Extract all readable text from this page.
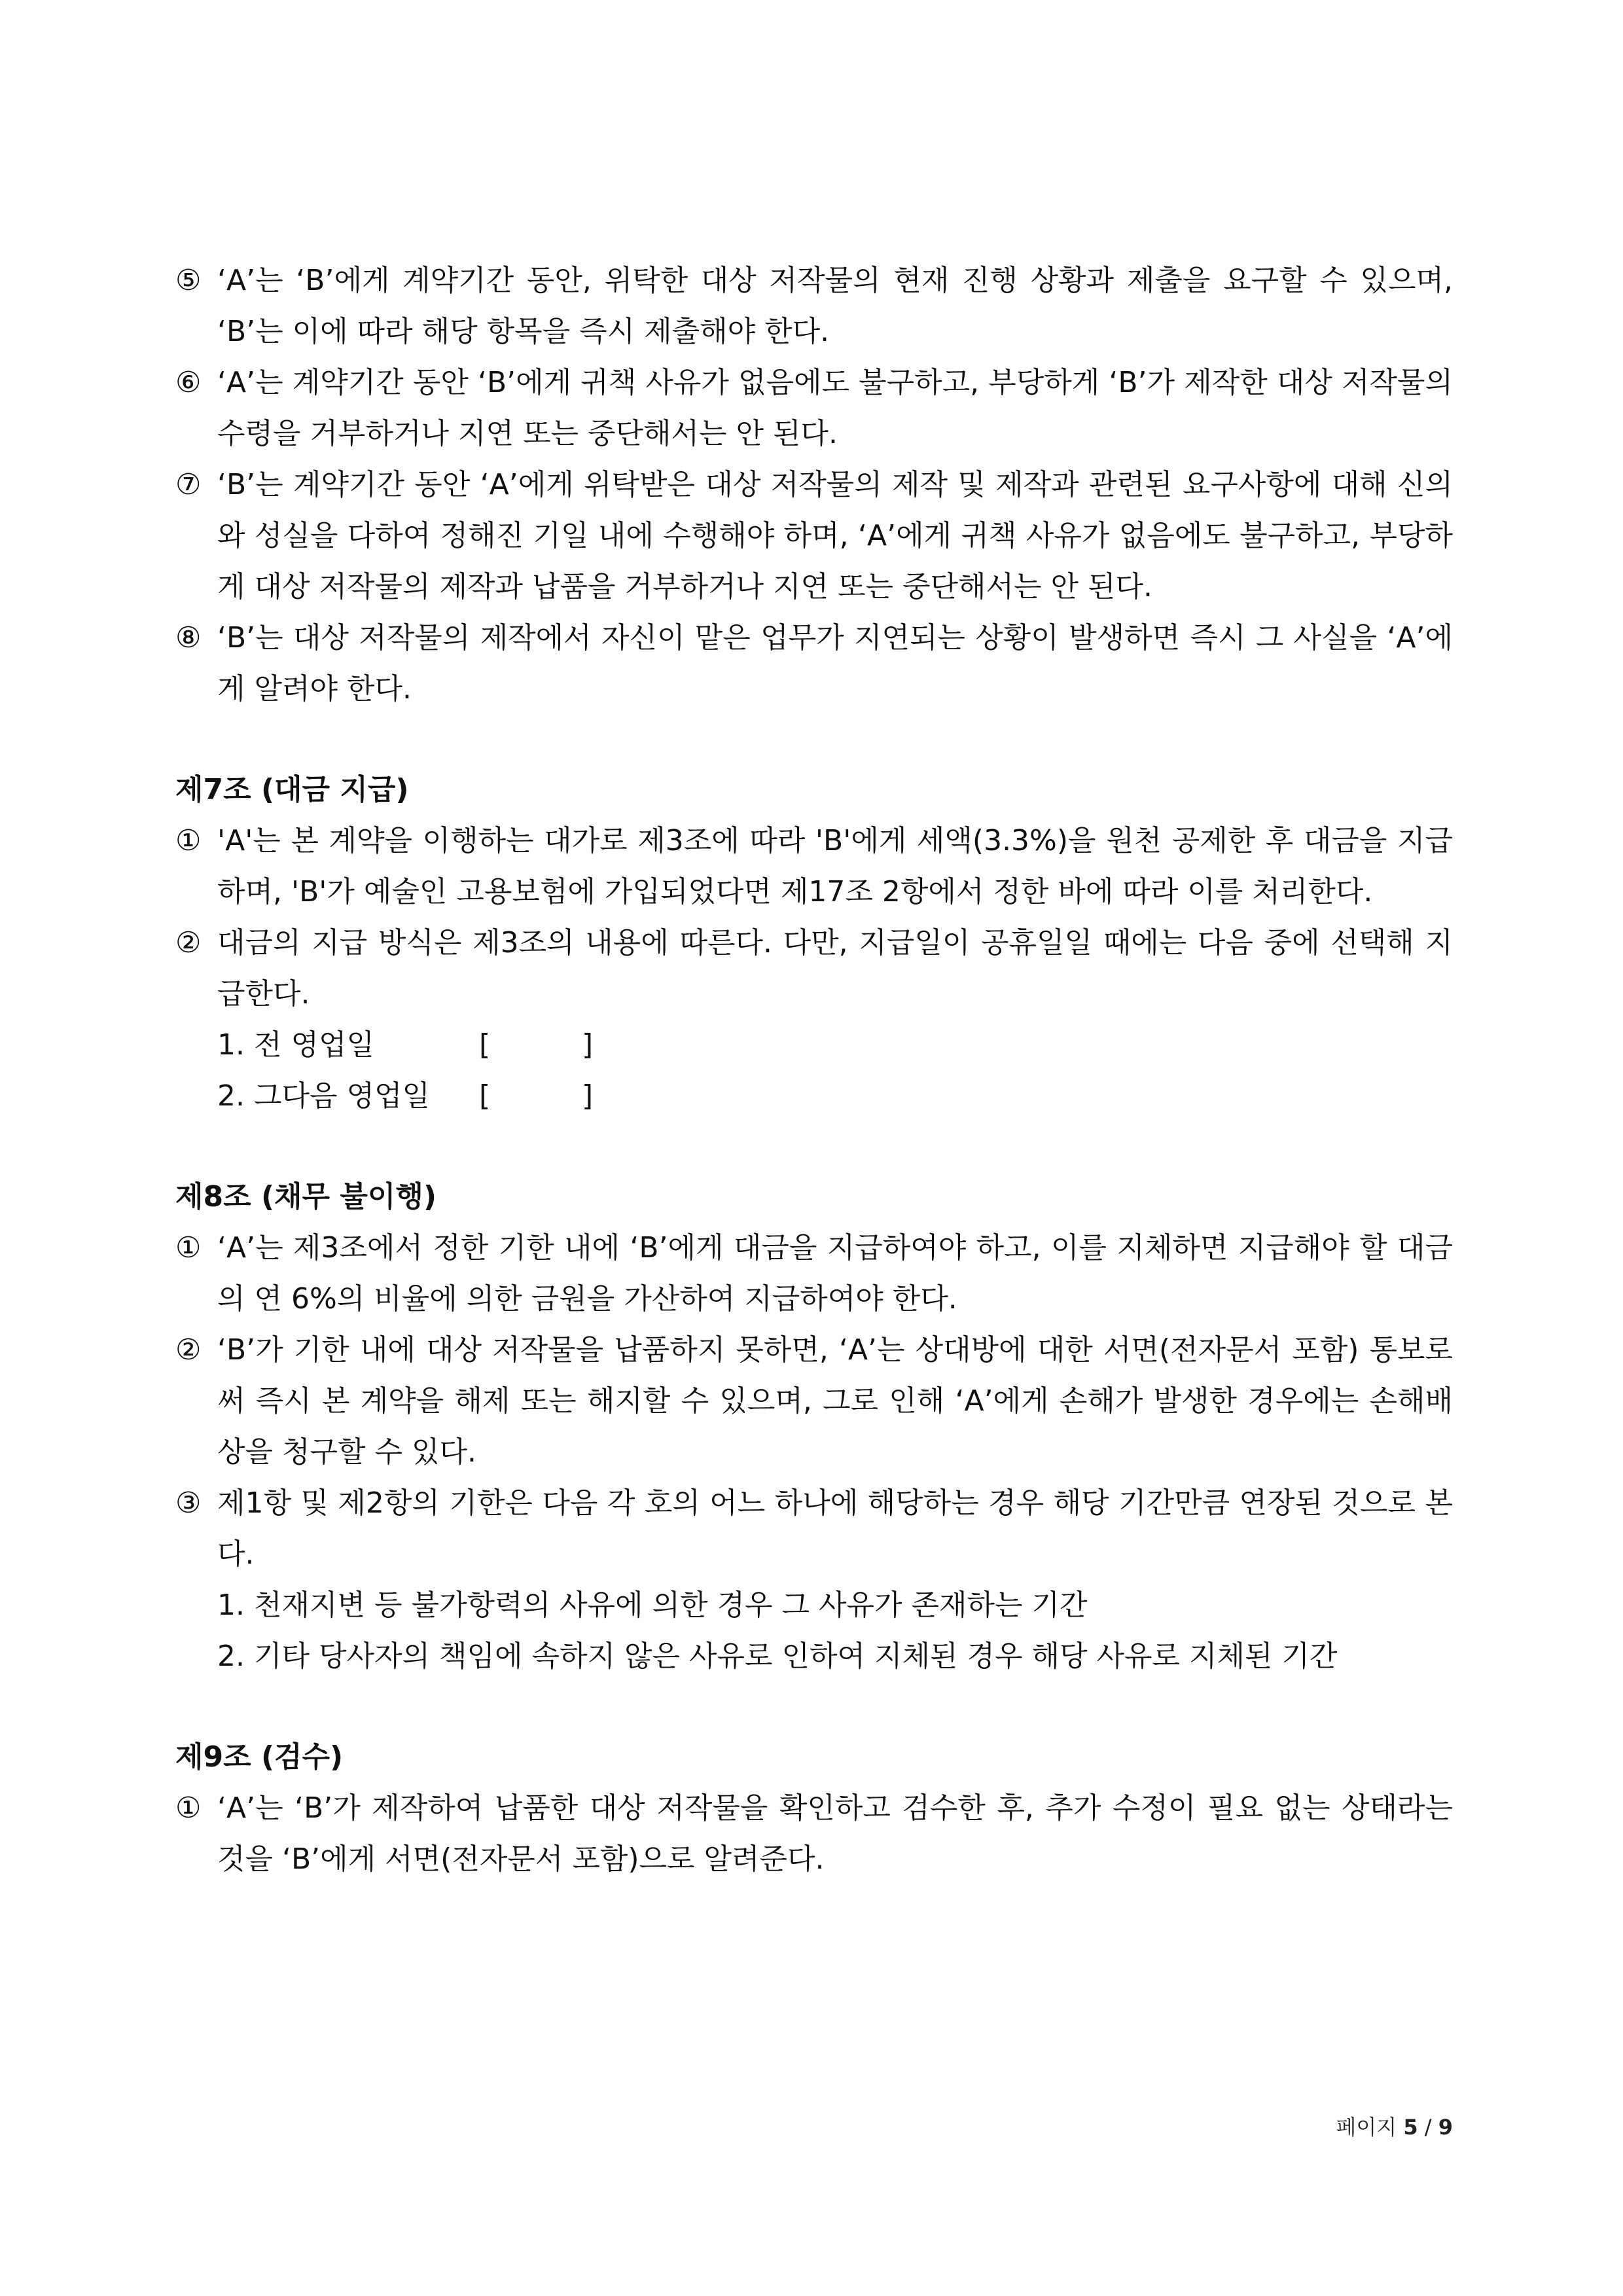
⑤ ‘A’는 ‘B’에게 계약기간 동안, 위탁한 대상 저작물의 현재 진행 상황과 제출을 요구할 수 있으며, ‘B’는 이에 따라 해당 항목을 즉시 제출해야 한다.
⑥ ‘A’는 계약기간 동안 ‘B’에게 귀책 사유가 없음에도 불구하고, 부당하게 ‘B’가 제작한 대상 저작물의 수령을 거부하거나 지연 또는 중단해서는 안 된다.
⑦ ‘B’는 계약기간 동안 ‘A’에게 위탁받은 대상 저작물의 제작 및 제작과 관련된 요구사항에 대해 신의와 성실을 다하여 정해진 기일 내에 수행해야 하며, ‘A’에게 귀책 사유가 없음에도 불구하고, 부당하게 대상 저작물의 제작과 납품을 거부하거나 지연 또는 중단해서는 안 된다.
⑧ ‘B’는 대상 저작물의 제작에서 자신이 맡은 업무가 지연되는 상황이 발생하면 즉시 그 사실을 ‘A’에게 알려야 한다.
제7조 (대금 지급)
① 'A'는 본 계약을 이행하는 대가로 제3조에 따라 'B'에게 세액(3.3%)을 원천 공제한 후 대금을 지급하며, 'B'가 예술인 고용보험에 가입되었다면 제17조 2항에서 정한 바에 따라 이를 처리한다.
② 대금의 지급 방식은 제3조의 내용에 따른다. 다만, 지급일이 공휴일일 때에는 다음 중에 선택해 지급한다.
1. 전 영업일	[          ]
2. 그다음 영업일	[          ]
제8조 (채무 불이행)
① ‘A’는 제3조에서 정한 기한 내에 ‘B’에게 대금을 지급하여야 하고, 이를 지체하면 지급해야 할 대금의 연 6%의 비율에 의한 금원을 가산하여 지급하여야 한다.
② ‘B’가 기한 내에 대상 저작물을 납품하지 못하면, ‘A’는 상대방에 대한 서면(전자문서 포함) 통보로써 즉시 본 계약을 해제 또는 해지할 수 있으며, 그로 인해 ‘A’에게 손해가 발생한 경우에는 손해배상을 청구할 수 있다.
③ 제1항 및 제2항의 기한은 다음 각 호의 어느 하나에 해당하는 경우 해당 기간만큼 연장된 것으로 본다.
1. 천재지변 등 불가항력의 사유에 의한 경우 그 사유가 존재하는 기간
2. 기타 당사자의 책임에 속하지 않은 사유로 인하여 지체된 경우 해당 사유로 지체된 기간
제9조 (검수)
① ‘A’는 ‘B’가 제작하여 납품한 대상 저작물을 확인하고 검수한 후, 추가 수정이 필요 없는 상태라는 것을 ‘B’에게 서면(전자문서 포함)으로 알려준다.
페이지 5 / 9
